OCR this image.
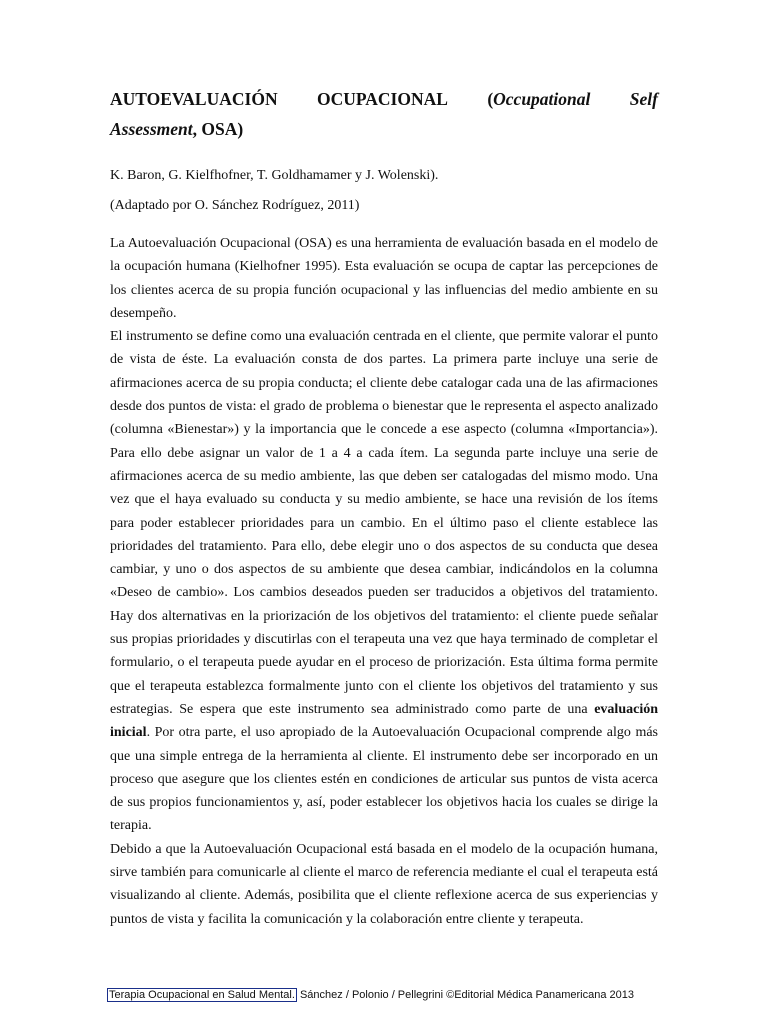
AUTOEVALUACIÓN OCUPACIONAL (Occupational Self
Assessment, OSA)

K. Baron, G. Kielfhofner, T. Goldhamamer y J. Wolenski).

(Adaptado por O. Sánchez Rodríguez, 2011)

La Autoevaluación Ocupacional (OSA) es una herramienta de evaluación basada en el modelo de la ocupación humana (Kielhofner 1995). Esta evaluación se ocupa de captar las percepciones de los clientes acerca de su propia función ocupacional y las influencias del medio ambiente en su desempeño.

El instrumento se define como una evaluación centrada en el cliente, que permite valorar el punto de vista de éste. La evaluación consta de dos partes. La primera parte incluye una serie de afirmaciones acerca de su propia conducta; el cliente debe catalogar cada una de las afirmaciones desde dos puntos de vista: el grado de problema o bienestar que le representa el aspecto analizado (columna «Bienestar») y la importancia que le concede a ese aspecto (columna «Importancia»). Para ello debe asignar un valor de 1 a 4 a cada ítem. La segunda parte incluye una serie de afirmaciones acerca de su medio ambiente, las que deben ser catalogadas del mismo modo. Una vez que el haya evaluado su conducta y su medio ambiente, se hace una revisión de los ítems para poder establecer prioridades para un cambio. En el último paso el cliente establece las prioridades del tratamiento. Para ello, debe elegir uno o dos aspectos de su conducta que desea cambiar, y uno o dos aspectos de su ambiente que desea cambiar, indicándolos en la columna «Deseo de cambio». Los cambios deseados pueden ser traducidos a objetivos del tratamiento. Hay dos alternativas en la priorización de los objetivos del tratamiento: el cliente puede señalar sus propias prioridades y discutirlas con el terapeuta una vez que haya terminado de completar el formulario, o el terapeuta puede ayudar en el proceso de priorización. Esta última forma permite que el terapeuta establezca formalmente junto con el cliente los objetivos del tratamiento y sus estrategias. Se espera que este instrumento sea administrado como parte de una evaluación inicial. Por otra parte, el uso apropiado de la Autoevaluación Ocupacional comprende algo más que una simple entrega de la herramienta al cliente. El instrumento debe ser incorporado en un proceso que asegure que los clientes estén en condiciones de articular sus puntos de vista acerca de sus propios funcionamientos y, así, poder establecer los objetivos hacia los cuales se dirige la terapia.

Debido a que la Autoevaluación Ocupacional está basada en el modelo de la ocupación humana, sirve también para comunicarle al cliente el marco de referencia mediante el cual el terapeuta está visualizando al cliente. Además, posibilita que el cliente reflexione acerca de sus experiencias y puntos de vista y facilita la comunicación y la colaboración entre cliente y terapeuta.

Terapia Ocupacional en Salud Mental. Sánchez / Polonio / Pellegrini ©Editorial Médica Panamericana 2013
